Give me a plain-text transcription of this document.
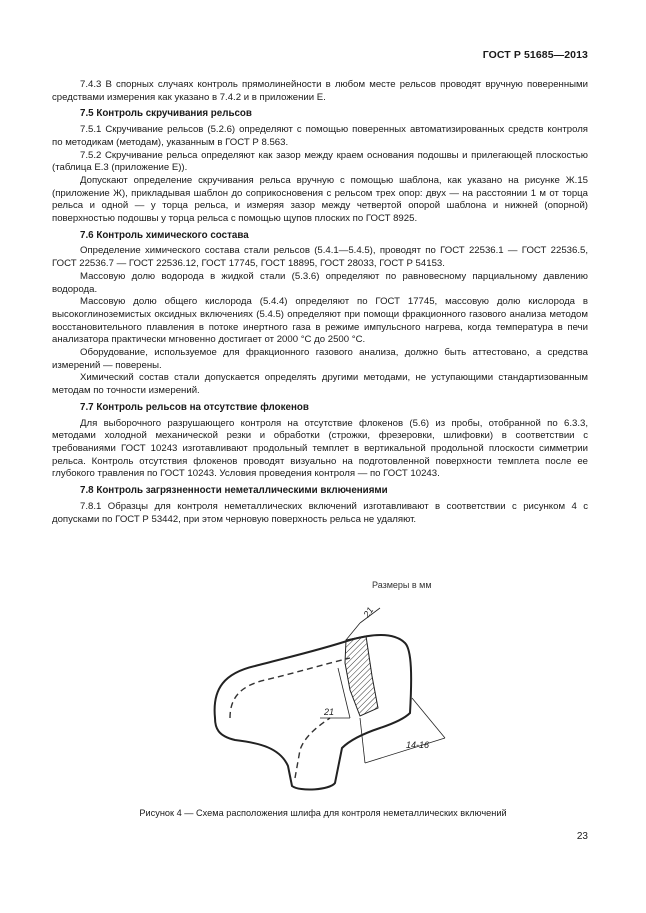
ГОСТ Р 51685—2013

7.4.3 В спорных случаях контроль прямолинейности в любом месте рельсов проводят вручную поверенными средствами измерения как указано в 7.4.2 и в приложении Е.

7.5 Контроль скручивания рельсов

7.5.1 Скручивание рельсов (5.2.6) определяют с помощью поверенных автоматизированных средств контроля по методикам (методам), указанным в ГОСТ Р 8.563.

7.5.2 Скручивание рельса определяют как зазор между краем основания подошвы и прилегающей плоскостью (таблица Е.3 (приложение Е)).

Допускают определение скручивания рельса вручную с помощью шаблона, как указано на рисунке Ж.15 (приложение Ж), прикладывая шаблон до соприкосновения с рельсом трех опор: двух — на расстоянии 1 м от торца рельса и одной — у торца рельса, и измеряя зазор между четвертой опорой шаблона и нижней (опорной) поверхностью подошвы у торца рельса с помощью щупов плоских по ГОСТ 8925.

7.6 Контроль химического состава

Определение химического состава стали рельсов (5.4.1—5.4.5), проводят по ГОСТ 22536.1 — ГОСТ 22536.5, ГОСТ 22536.7 — ГОСТ 22536.12, ГОСТ 17745, ГОСТ 18895, ГОСТ 28033, ГОСТ Р 54153.

Массовую долю водорода в жидкой стали (5.3.6) определяют по равновесному парциальному давлению водорода.

Массовую долю общего кислорода (5.4.4) определяют по ГОСТ 17745, массовую долю кислорода в высокоглиноземистых оксидных включениях (5.4.5) определяют при помощи фракционного газового анализа методом восстановительного плавления в потоке инертного газа в режиме импульсного нагрева, когда температура в печи анализатора практически мгновенно достигает от 2000 °С до 2500 °С.

Оборудование, используемое для фракционного газового анализа, должно быть аттестовано, а средства измерений — поверены.

Химический состав стали допускается определять другими методами, не уступающими стандартизованным методам по точности измерений.

7.7 Контроль рельсов на отсутствие флокенов

Для выборочного разрушающего контроля на отсутствие флокенов (5.6) из пробы, отобранной по 6.3.3, методами холодной механической резки и обработки (строжки, фрезеровки, шлифовки) в соответствии с требованиями ГОСТ 10243 изготавливают продольный темплет в вертикальной продольной плоскости симметрии рельса. Контроль отсутствия флокенов проводят визуально на подготовленной поверхности темплета после ее глубокого травления по ГОСТ 10243. Условия проведения контроля — по ГОСТ 10243.

7.8 Контроль загрязненности неметаллическими включениями

7.8.1 Образцы для контроля неметаллических включений изготавливают в соответствии с рисунком 4 с допусками по ГОСТ Р 53442, при этом черновую поверхность рельса не удаляют.

Размеры в мм
21
21
14-16
Рисунок 4 — Схема расположения шлифа для контроля неметаллических включений
23
